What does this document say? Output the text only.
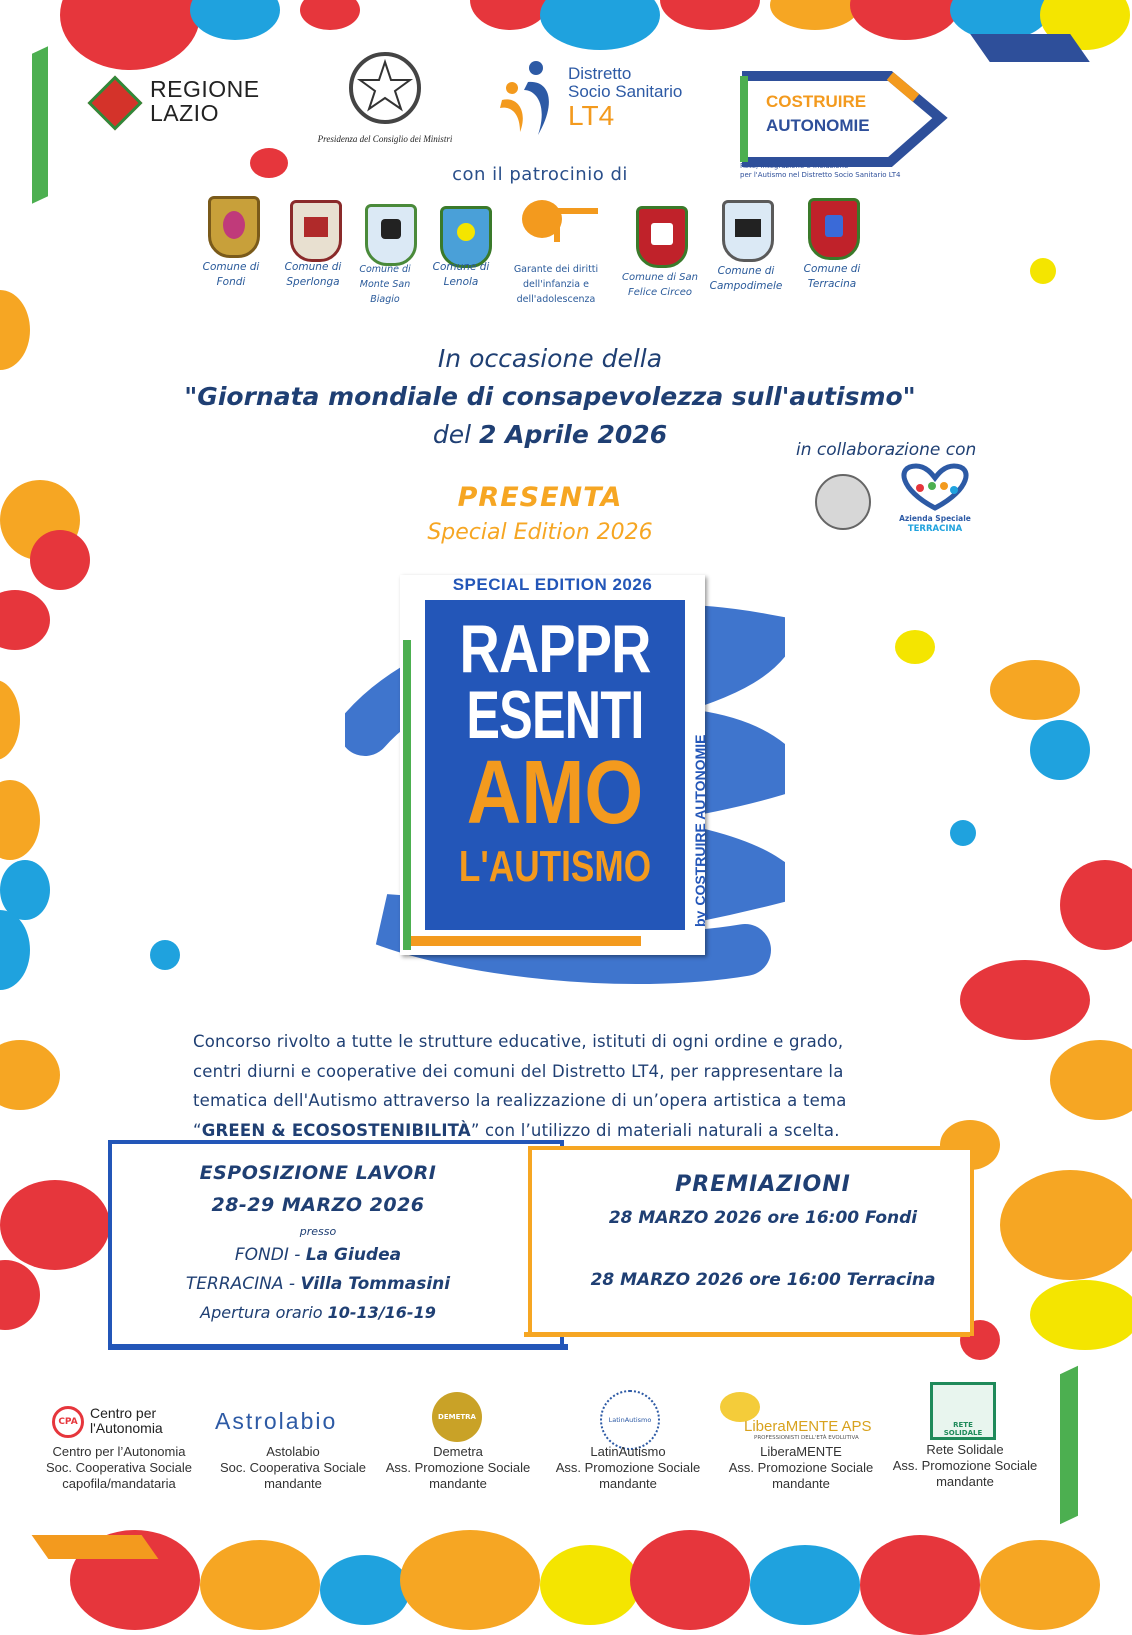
REGIONE
LAZIO
Presidenza del Consiglio dei Ministri
Distretto
Socio Sanitario
LT4	COSTRUIRE
AUTONOMIE
Rete, Integrazione e Inclusione
per l'Autismo nel Distretto Socio Sanitario LT4
con il patrocinio di
Comune di Fondi
Comune di Sperlonga
Comune di Monte San Biagio
Comune di Lenola
Garante dei diritti dell'infanzia e dell'adolescenza
Comune di San Felice Circeo
Comune di Campodimele
Comune di Terracina
In occasione della
"Giornata mondiale di consapevolezza sull'autismo"
del 2 Aprile 2026
in collaborazione con
Azienda Speciale
TERRACINA
PRESENTA
Special Edition 2026
SPECIAL EDITION 2026
RAPPR
ESENTI
AMO
L'AUTISMO
byCOSTRUIRE AUTONOMIE
Concorso rivolto a tutte le strutture educative, istituti di ogni ordine e grado,
centri diurni e cooperative dei comuni del Distretto LT4, per rappresentare la
tematica dell'Autismo attraverso la realizzazione di un’opera artistica a tema
“GREEN & ECOSOSTENIBILITÀ” con l’utilizzo di materiali naturali a scelta.
ESPOSIZIONE LAVORI
28-29 MARZO 2026
presso
FONDI - La Giudea
TERRACINA - Villa Tommasini
Apertura orario 10-13/16-19
PREMIAZIONI
28 MARZO 2026 ore 16:00 Fondi
28 MARZO 2026 ore 16:00 Terracina
CPA
Centro per l'Autonomia	Astrolabio	DEMETRA	LatinAutismo	LiberaMENTE APS
PROFESSIONISTI DELL'ETÀ EVOLUTIVA
RETE SOLIDALE
Centro per l’Autonomia
Soc. Cooperativa Sociale
capofila/mandataria
Astolabio
Soc. Cooperativa Sociale
mandante
Demetra
Ass. Promozione Sociale
mandante
LatinAutismo
Ass. Promozione Sociale
mandante
LiberaMENTE
Ass. Promozione Sociale
mandante
Rete Solidale
Ass. Promozione Sociale
mandante
